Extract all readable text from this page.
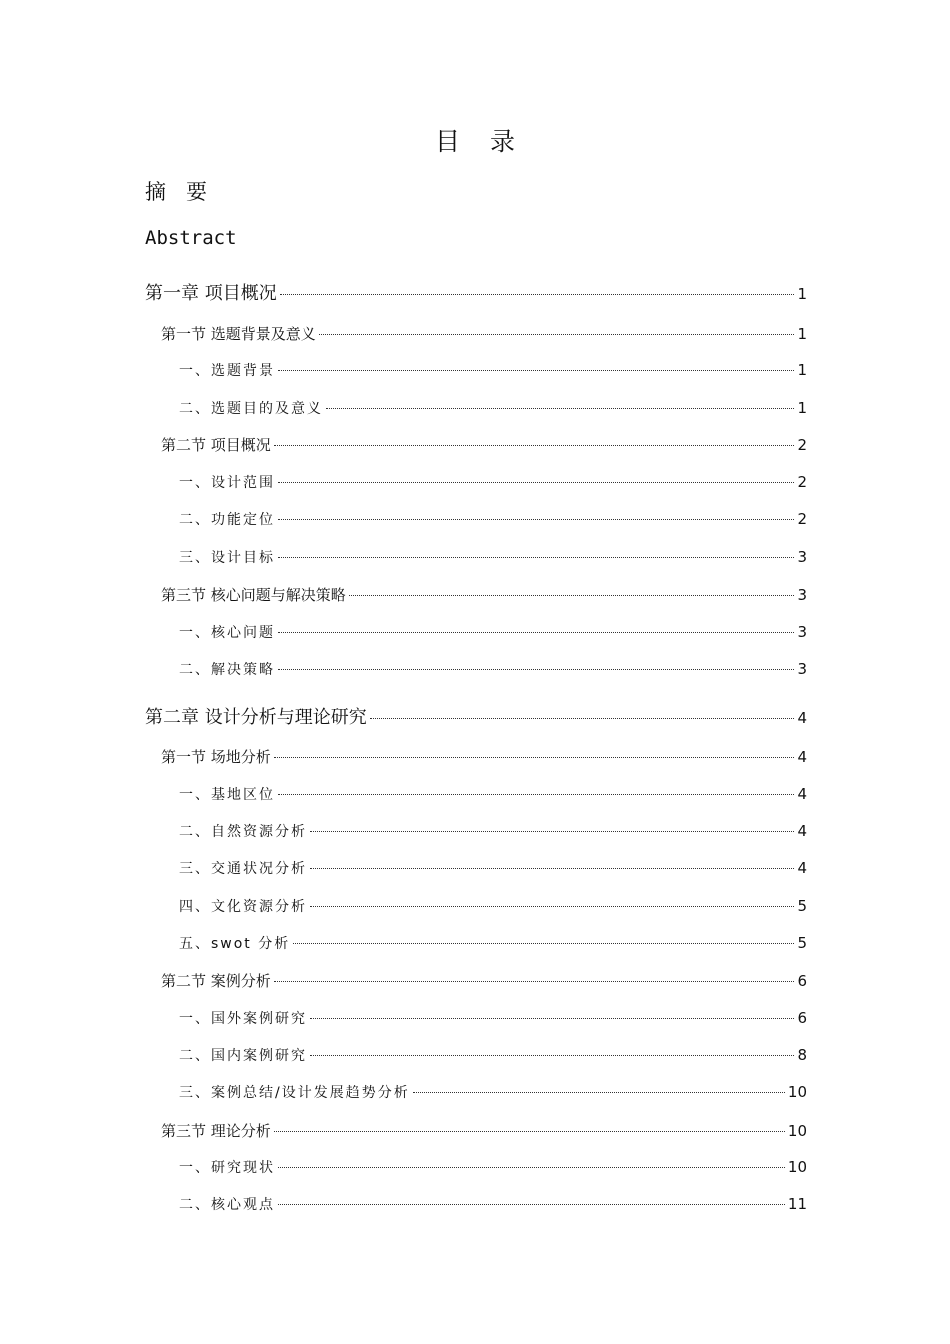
目录
摘要
Abstract
第一章 项目概况	1
第一节 选题背景及意义	1
一、选题背景	1
二、选题目的及意义	1
第二节 项目概况	2
一、设计范围	2
二、功能定位	2
三、设计目标	3
第三节 核心问题与解决策略	3
一、核心问题	3
二、解决策略	3
第二章 设计分析与理论研究	4
第一节 场地分析	4
一、基地区位	4
二、自然资源分析	4
三、交通状况分析	4
四、文化资源分析	5
五、swot 分析	5
第二节 案例分析	6
一、国外案例研究	6
二、国内案例研究	8
三、案例总结/设计发展趋势分析	10
第三节 理论分析	10
一、研究现状	10
二、核心观点	11
